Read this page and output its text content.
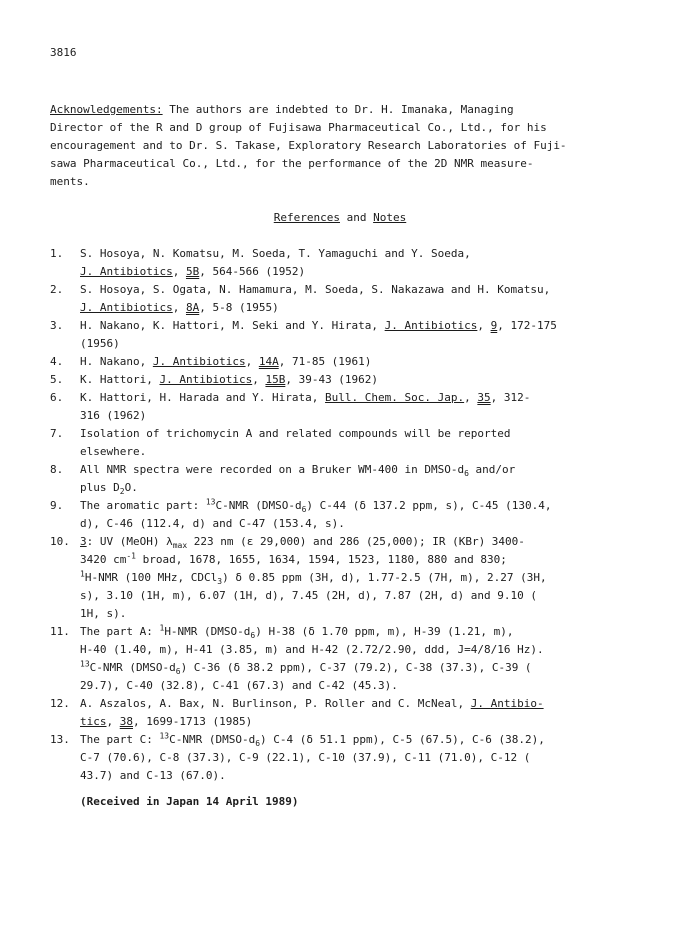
3816
Acknowledgements: The authors are indebted to Dr. H. Imanaka, Managing
Director of the R and D group of Fujisawa Pharmaceutical Co., Ltd., for his
encouragement and to Dr. S. Takase, Exploratory Research Laboratories of Fuji-
sawa Pharmaceutical Co., Ltd., for the performance of the 2D NMR measure-
ments.
References and Notes
1. S. Hosoya, N. Komatsu, M. Soeda, T. Yamaguchi and Y. Soeda,
J. Antibiotics, 5B, 564-566 (1952)
2. S. Hosoya, S. Ogata, N. Hamamura, M. Soeda, S. Nakazawa and H. Komatsu,
J. Antibiotics, 8A, 5-8 (1955)
3. H. Nakano, K. Hattori, M. Seki and Y. Hirata, J. Antibiotics, 9, 172-175
(1956)
4. H. Nakano, J. Antibiotics, 14A, 71-85 (1961)
5. K. Hattori, J. Antibiotics, 15B, 39-43 (1962)
6. K. Hattori, H. Harada and Y. Hirata, Bull. Chem. Soc. Jap., 35, 312-
316 (1962)
7. Isolation of trichomycin A and related compounds will be reported
elsewhere.
8. All NMR spectra were recorded on a Bruker WM-400 in DMSO-$d_6$ and/or
plus $D_2O$.
9. The aromatic part: $^{13}$C-NMR $(DMSO-d_6)$ C-44 (δ 137.2 ppm, s), C-45 (130.4,
d), C-46 (112.4, d) and C-47 (153.4, s).
10. 3: UV (MeOH) $\lambda_{max}$ 223 nm (ε 29,000) and 286 (25,000); IR (KBr) 3400-
3420 $cm^{-1}$ broad, 1678, 1655, 1634, 1594, 1523, 1180, 880 and 830;
$^1$H-NMR (100 MHz, CDCl$_3$) δ 0.85 ppm (3H, d), 1.77-2.5 (7H, m), 2.27 (3H,
s), 3.10 (1H, m), 6.07 (1H, d), 7.45 (2H, d), 7.87 (2H, d) and 9.10 (
1H, s).
11. The part A: $^1$H-NMR $(DMSO-d_6)$ H-38 (δ 1.70 ppm, m), H-39 (1.21, m),
H-40 (1.40, m), H-41 (3.85, m) and H-42 (2.72/2.90, ddd, J=4/8/16 Hz).
$^{13}$C-NMR $(DMSO-d_6)$ C-36 (δ 38.2 ppm), C-37 (79.2), C-38 (37.3), C-39 (
29.7), C-40 (32.8), C-41 (67.3) and C-42 (45.3).
12. A. Aszalos, A. Bax, N. Burlinson, P. Roller and C. McNeal, J. Antibio-
tics, 38, 1699-1713 (1985)
13. The part C: $^{13}$C-NMR $(DMSO-d_6)$ C-4 (δ 51.1 ppm), C-5 (67.5), C-6 (38.2),
C-7 (70.6), C-8 (37.3), C-9 (22.1), C-10 (37.9), C-11 (71.0), C-12 (
43.7) and C-13 (67.0).
(Received in Japan 14 April 1989)
